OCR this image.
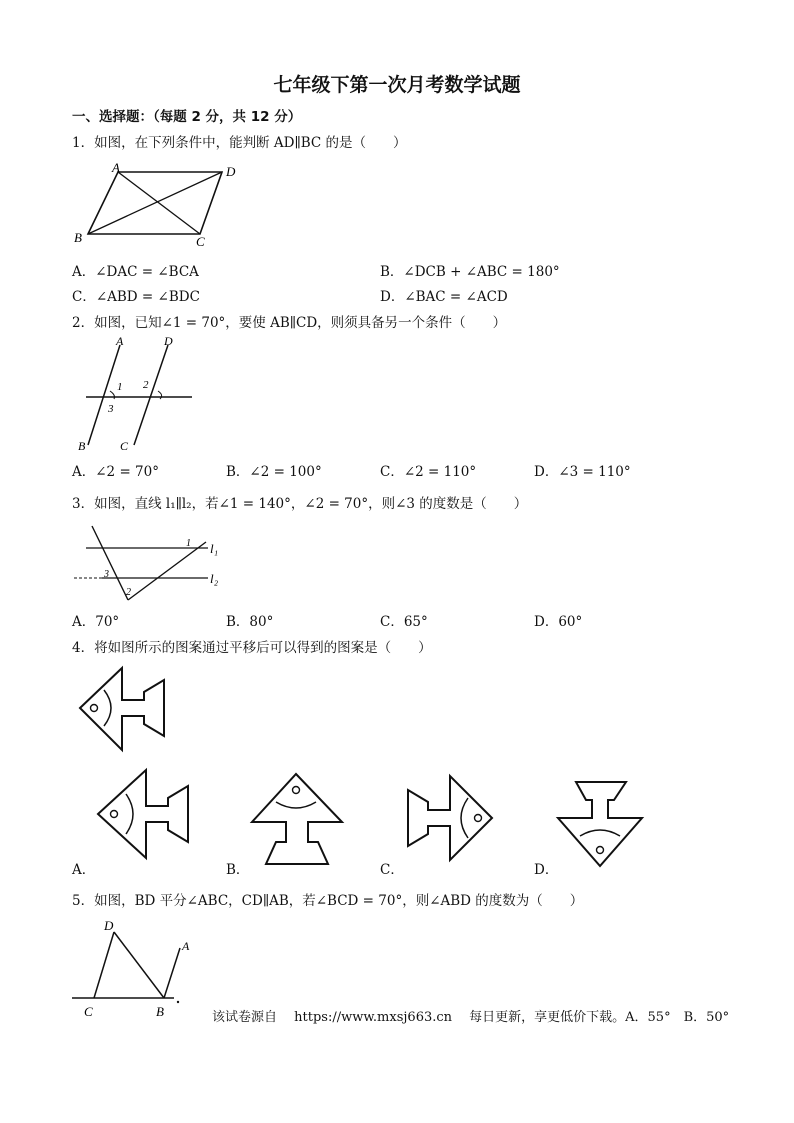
七年级下第一次月考数学试题
一、选择题：（每题 2 分，共 12 分）
1．如图，在下列条件中，能判断 AD∥BC 的是（　　）
A	D
B	C
A．∠DAC = ∠BCA	B．∠DCB + ∠ABC = 180°
C．∠ABD = ∠BDC	D．∠BAC = ∠ACD
2．如图，已知∠1 = 70°，要使 AB∥CD，则须具备另一个条件（　　）
A	D
B	C
1 2
3
A．∠2 = 70°	B．∠2 = 100°	C．∠2 = 110°	D．∠3 = 110°
3．如图，直线 l₁∥l₂，若∠1 = 140°，∠2 = 70°，则∠3 的度数是（　　）
1
3
2
l₁
l₂
A．70°	B．80°	C．65°	D．60°
4．将如图所示的图案通过平移后可以得到的图案是（　　）
A．	B．	C．	D．
5．如图，BD 平分∠ABC，CD∥AB，若∠BCD = 70°，则∠ABD 的度数为（　　）
D
A
C	B	该试卷源自　 https://www.mxsj663.cn　 每日更新，享更低价下载。A．55°　B．50°
